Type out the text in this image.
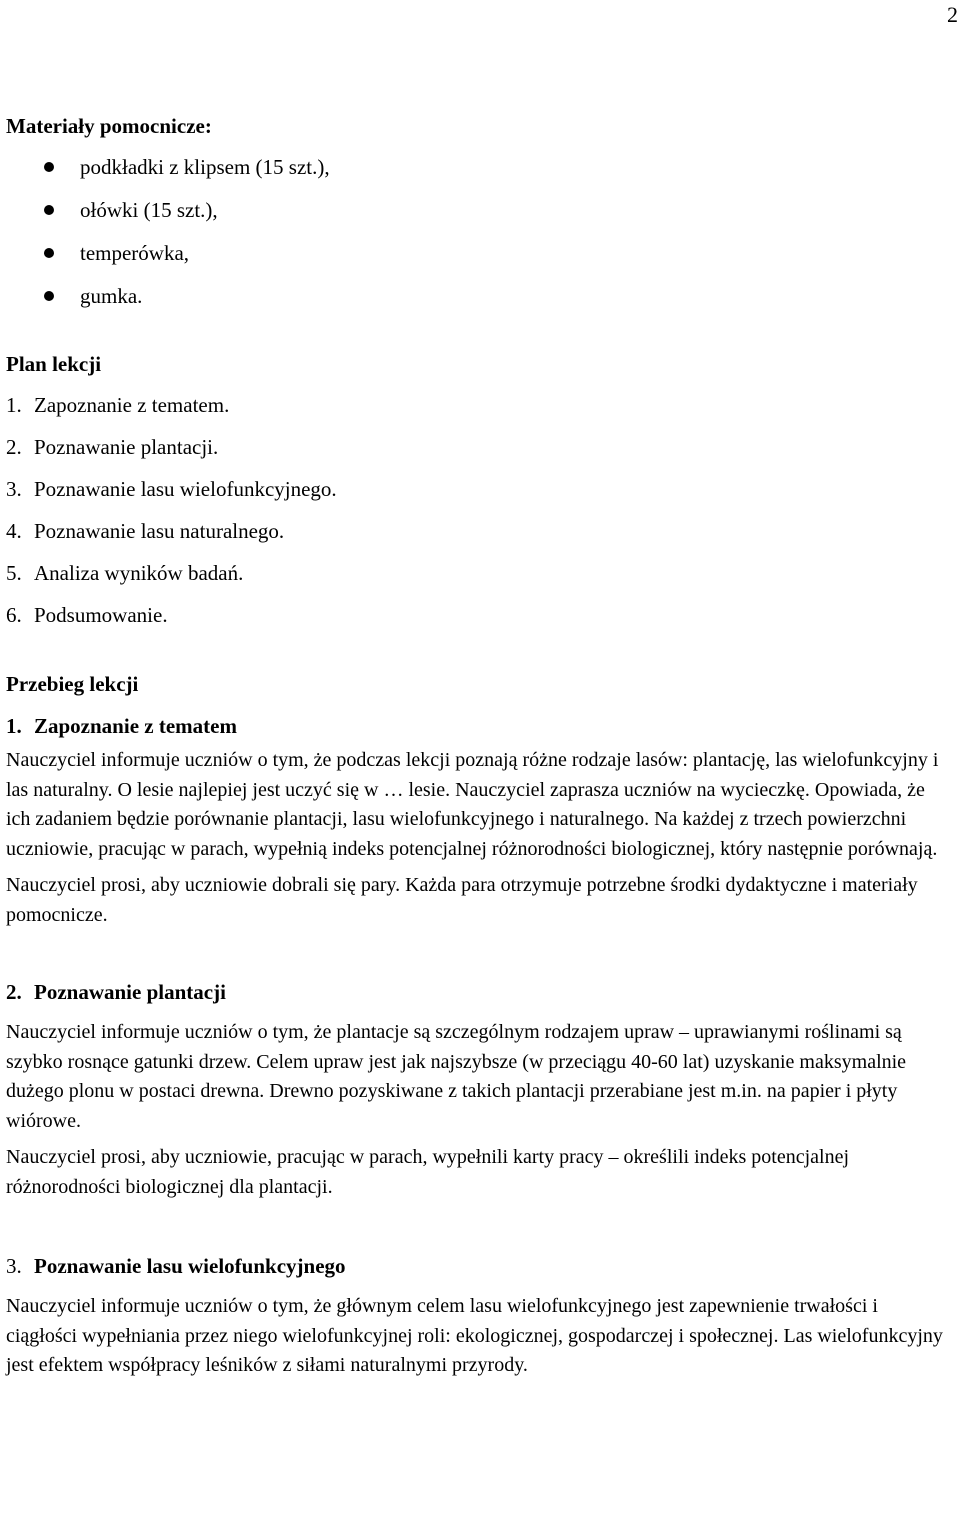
2
Materiały pomocnicze:
podkładki z klipsem (15 szt.),
ołówki (15 szt.),
temperówka,
gumka.
Plan lekcji
1. Zapoznanie z tematem.
2. Poznawanie plantacji.
3. Poznawanie lasu wielofunkcyjnego.
4. Poznawanie lasu naturalnego.
5. Analiza wyników badań.
6. Podsumowanie.
Przebieg lekcji
1. Zapoznanie z tematem

Nauczyciel informuje uczniów o tym, że podczas lekcji poznają różne rodzaje lasów: plantację, las wielofunkcyjny i las naturalny. O lesie najlepiej jest uczyć się w … lesie. Nauczyciel zaprasza uczniów na wycieczkę. Opowiada, że ich zadaniem będzie porównanie plantacji, lasu wielofunkcyjnego i naturalnego. Na każdej z trzech powierzchni uczniowie, pracując w parach, wypełnią indeks potencjalnej różnorodności biologicznej, który następnie porównają.

Nauczyciel prosi, aby uczniowie dobrali się pary. Każda para otrzymuje potrzebne środki dydaktyczne i materiały pomocnicze.

2. Poznawanie plantacji

Nauczyciel informuje uczniów o tym, że plantacje są szczególnym rodzajem upraw – uprawianymi roślinami są szybko rosnące gatunki drzew. Celem upraw jest jak najszybsze (w przeciągu 40-60 lat) uzyskanie maksymalnie dużego plonu w postaci drewna. Drewno pozyskiwane z takich plantacji przerabiane jest m.in. na papier i płyty wiórowe.

Nauczyciel prosi, aby uczniowie, pracując w parach, wypełnili karty pracy – określili indeks potencjalnej różnorodności biologicznej dla plantacji.

3. Poznawanie lasu wielofunkcyjnego

Nauczyciel informuje uczniów o tym, że głównym celem lasu wielofunkcyjnego jest zapewnienie trwałości i ciągłości wypełniania przez niego wielofunkcyjnej roli: ekologicznej, gospodarczej i społecznej. Las wielofunkcyjny jest efektem współpracy leśników z siłami naturalnymi przyrody.
